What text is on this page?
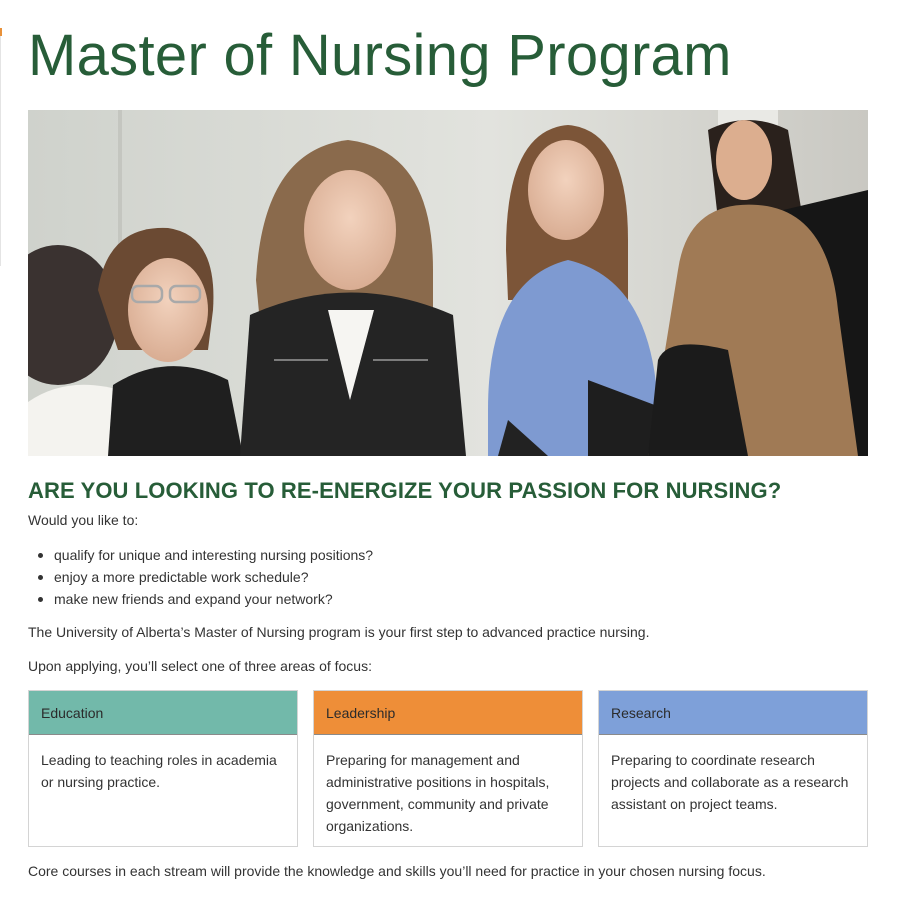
Master of Nursing Program
ARE YOU LOOKING TO RE-ENERGIZE YOUR PASSION FOR NURSING?

Would you like to:

qualify for unique and interesting nursing positions?
enjoy a more predictable work schedule?
make new friends and expand your network?

The University of Alberta’s Master of Nursing program is your first step to advanced practice nursing.

Upon applying, you’ll select one of three areas of focus:

Education
Leading to teaching roles in academia or nursing practice.
Leadership
Preparing for management and administrative positions in hospitals, government, community and private organizations.
Research
Preparing to coordinate research projects and collaborate as a research assistant on project teams.

Core courses in each stream will provide the knowledge and skills you’ll need for practice in your chosen nursing focus.
